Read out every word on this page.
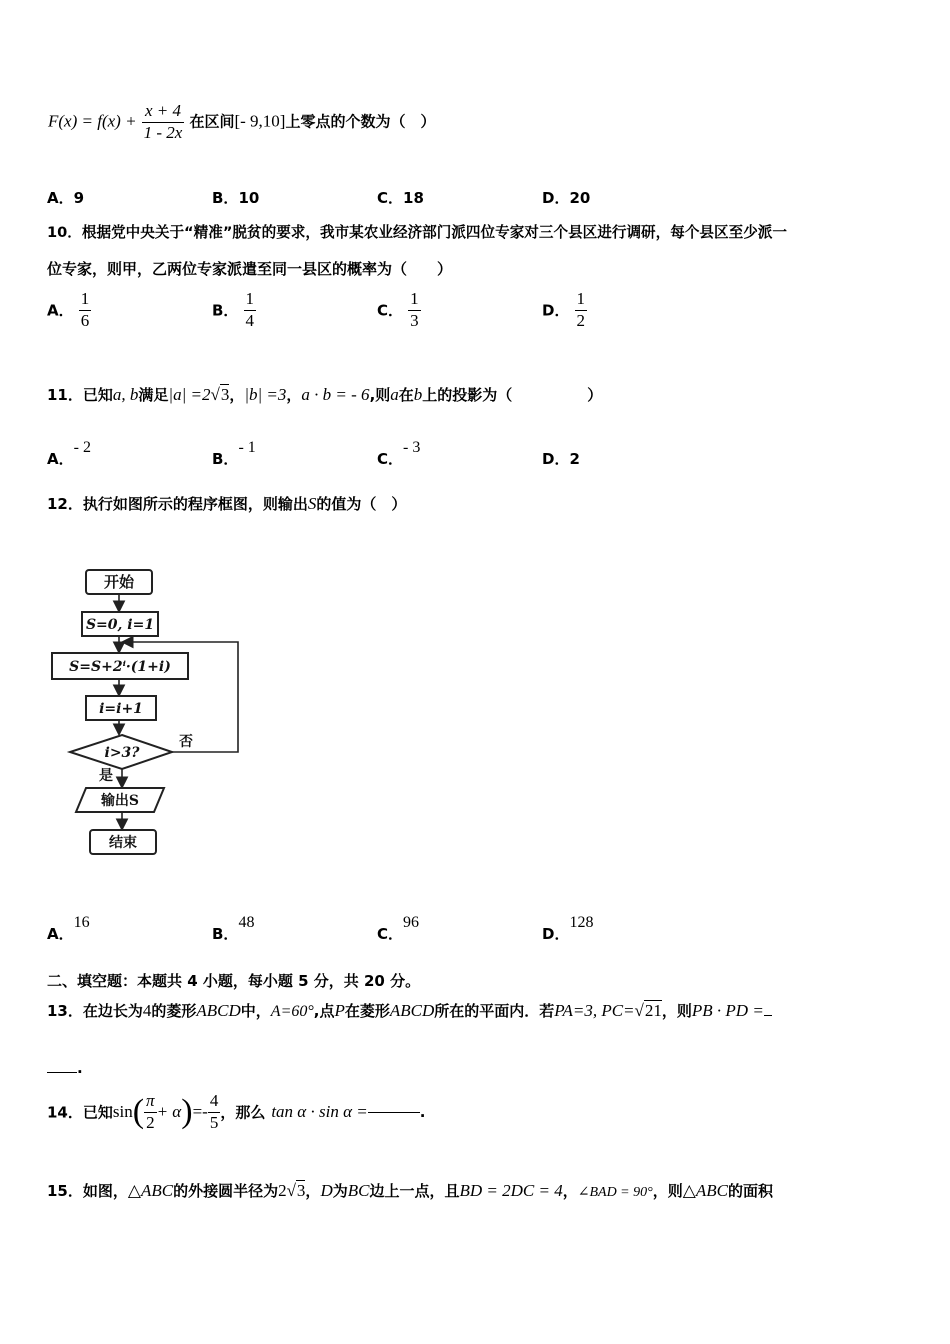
$F(x) = f(x) + \frac{x + 4}{1 - 2x}$ 在区间[- 9,10]上零点的个数为（　）
A．9	B．10	C．18	D．20
10．根据党中央关于“精准”脱贫的要求，我市某农业经济部门派四位专家对三个县区进行调研，每个县区至少派一
位专家，则甲，乙两位专家派遣至同一县区的概率为（　　）
A． $\frac{1}{6}$	B． $\frac{1}{4}$	C． $\frac{1}{3}$	D． $\frac{1}{2}$
11．已知a, b满足|a| =2√3，|b| =3，a · b = - 6,则a在b上的投影为（　　　　　）
A．- 2
B．- 1
C．- 3
D．2
12．执行如图所示的程序框图，则输出S的值为（　）
开始
S=0, i=1
S=S+2ⁱ·(1+i)
i=i+1
i>3?
否
是
输出S
结束
A．16
B．48
C．96
D．128
二、填空题：本题共 4 小题，每小题 5 分，共 20 分。
13．在边长为4的菱形ABCD中，A=60°,点P在菱形ABCD所在的平面内．若PA=3, PC=√21，则PB · PD =
.
14．已知$\sin( \frac{\pi}{2} + \alpha)=- \frac{4}{5}$ ，那么 tan α · sin α =	.
15．如图，△ABC的外接圆半径为2√3，D为BC边上一点，且BD = 2DC = 4，∠BAD = 90°，则△ABC的面积
